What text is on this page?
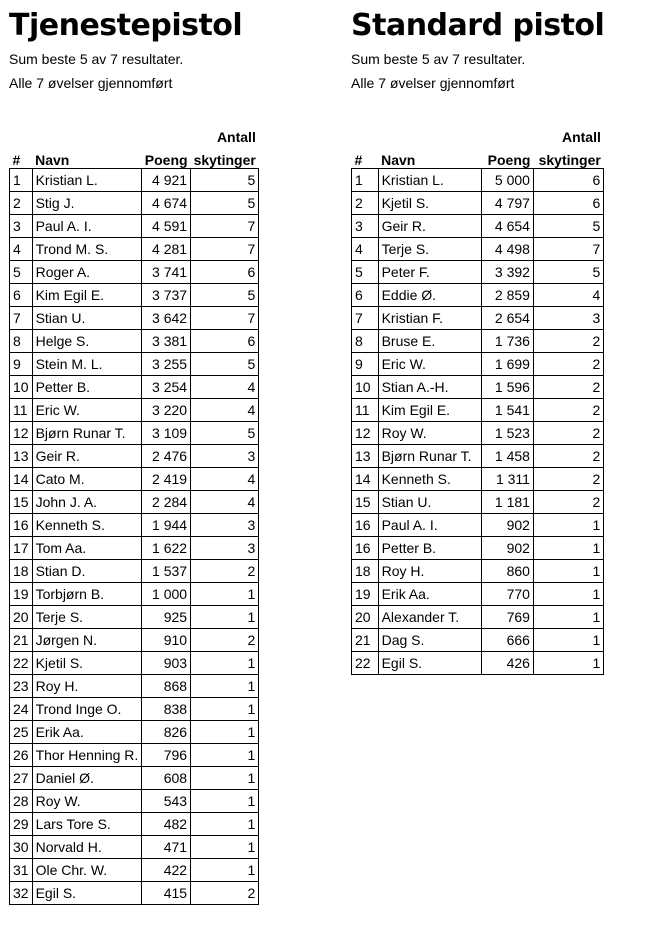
Tjenestepistol

Sum beste 5 av 7 resultater.

Alle 7 øvelser gjennomført

			Antall
#	Navn	Poeng	skytinger
1	Kristian L.	4 921	5
2	Stig J.	4 674	5
3	Paul A. I.	4 591	7
4	Trond M. S.	4 281	7
5	Roger A.	3 741	6
6	Kim Egil E.	3 737	5
7	Stian U.	3 642	7
8	Helge S.	3 381	6
9	Stein M. L.	3 255	5
10	Petter B.	3 254	4
11	Eric W.	3 220	4
12	Bjørn Runar T.	3 109	5
13	Geir R.	2 476	3
14	Cato M.	2 419	4
15	John J. A.	2 284	4
16	Kenneth S.	1 944	3
17	Tom Aa.	1 622	3
18	Stian D.	1 537	2
19	Torbjørn B.	1 000	1
20	Terje S.	925	1
21	Jørgen N.	910	2
22	Kjetil S.	903	1
23	Roy H.	868	1
24	Trond Inge O.	838	1
25	Erik Aa.	826	1
26	Thor Henning R.	796	1
27	Daniel Ø.	608	1
28	Roy W.	543	1
29	Lars Tore S.	482	1
30	Norvald H.	471	1
31	Ole Chr. W.	422	1
32	Egil S.	415	2
Standard pistol

Sum beste 5 av 7 resultater.

Alle 7 øvelser gjennomført

			Antall
#	Navn	Poeng	skytinger
1	Kristian L.	5 000	6
2	Kjetil S.	4 797	6
3	Geir R.	4 654	5
4	Terje S.	4 498	7
5	Peter F.	3 392	5
6	Eddie Ø.	2 859	4
7	Kristian F.	2 654	3
8	Bruse E.	1 736	2
9	Eric W.	1 699	2
10	Stian A.-H.	1 596	2
11	Kim Egil E.	1 541	2
12	Roy W.	1 523	2
13	Bjørn Runar T.	1 458	2
14	Kenneth S.	1 311	2
15	Stian U.	1 181	2
16	Paul A. I.	902	1
16	Petter B.	902	1
18	Roy H.	860	1
19	Erik Aa.	770	1
20	Alexander T.	769	1
21	Dag S.	666	1
22	Egil S.	426	1
